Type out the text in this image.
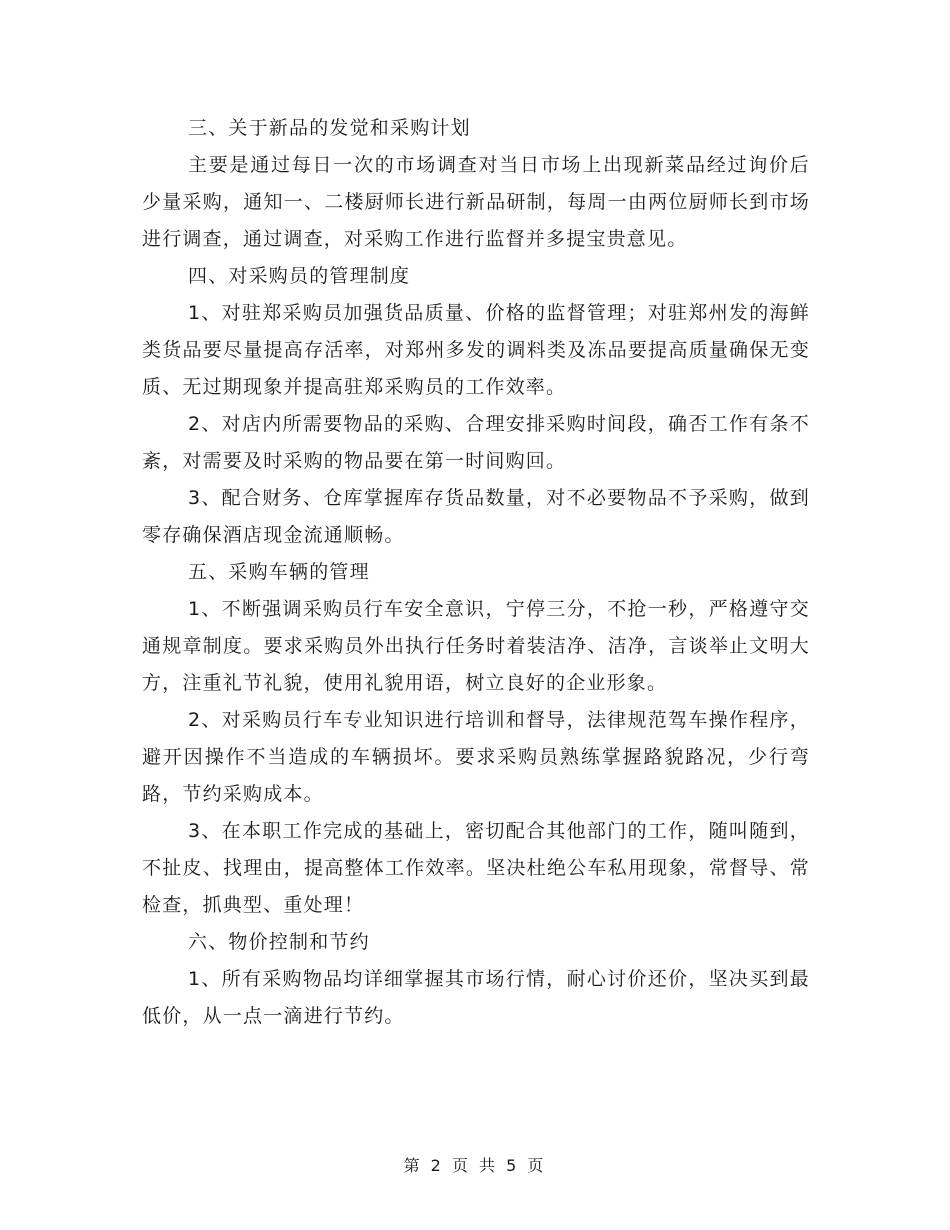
三、关于新品的发觉和采购计划

主要是通过每日一次的市场调查对当日市场上出现新菜品经过询价后少量采购，通知一、二楼厨师长进行新品研制，每周一由两位厨师长到市场进行调查，通过调查，对采购工作进行监督并多提宝贵意见。

四、对采购员的管理制度

1、对驻郑采购员加强货品质量、价格的监督管理；对驻郑州发的海鲜类货品要尽量提高存活率，对郑州多发的调料类及冻品要提高质量确保无变质、无过期现象并提高驻郑采购员的工作效率。

2、对店内所需要物品的采购、合理安排采购时间段，确否工作有条不紊，对需要及时采购的物品要在第一时间购回。

3、配合财务、仓库掌握库存货品数量，对不必要物品不予采购，做到零存确保酒店现金流通顺畅。

五、采购车辆的管理

1、不断强调采购员行车安全意识，宁停三分，不抢一秒，严格遵守交通规章制度。要求采购员外出执行任务时着装洁净、洁净，言谈举止文明大方，注重礼节礼貌，使用礼貌用语，树立良好的企业形象。

2、对采购员行车专业知识进行培训和督导，法律规范驾车操作程序，避开因操作不当造成的车辆损坏。要求采购员熟练掌握路貌路况，少行弯路，节约采购成本。

3、在本职工作完成的基础上，密切配合其他部门的工作，随叫随到，不扯皮、找理由，提高整体工作效率。坚决杜绝公车私用现象，常督导、常检查，抓典型、重处理！

六、物价控制和节约

1、所有采购物品均详细掌握其市场行情，耐心讨价还价，坚决买到最低价，从一点一滴进行节约。

第 2 页 共 5 页
